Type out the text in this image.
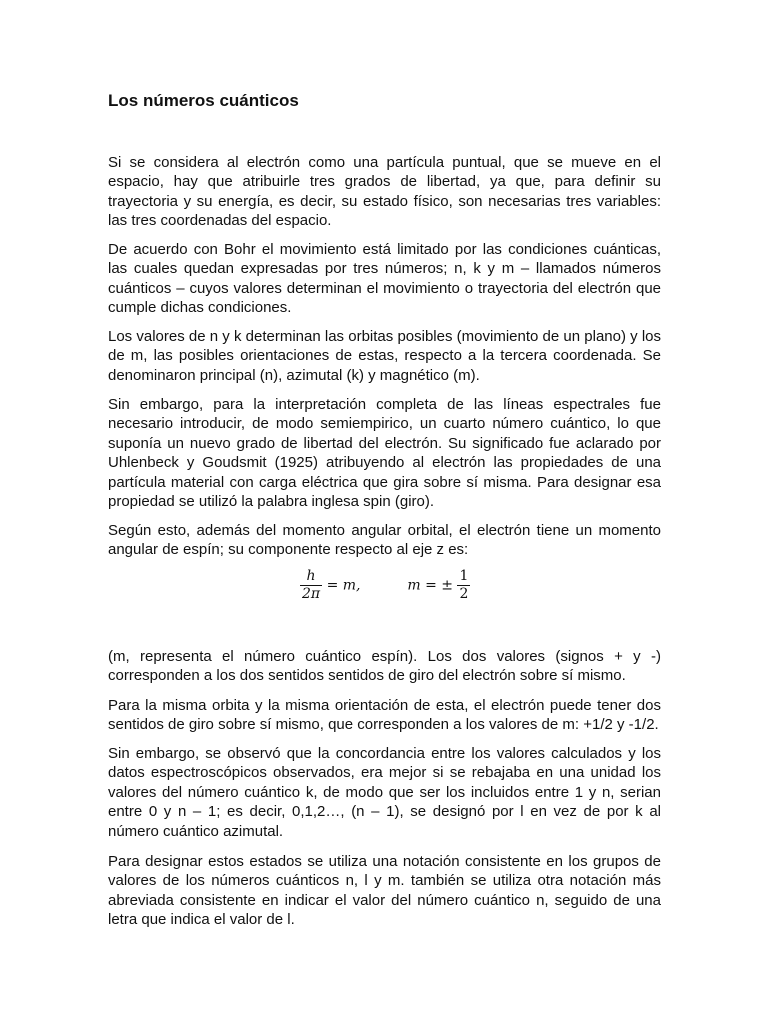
Los números cuánticos

Si se considera al electrón como una partícula puntual, que se mueve en el espacio, hay que atribuirle tres grados de libertad, ya que, para definir su trayectoria y su energía, es decir, su estado físico, son necesarias tres variables: las tres coordenadas del espacio.

De acuerdo con Bohr el movimiento está limitado por las condiciones cuánticas, las cuales quedan expresadas por tres números; n, k y m – llamados números cuánticos – cuyos valores determinan el movimiento o trayectoria del electrón que cumple dichas condiciones.

Los valores de n y k determinan las orbitas posibles (movimiento de un plano) y los de m, las posibles orientaciones de estas, respecto a la tercera coordenada. Se denominaron principal (n), azimutal (k) y magnético (m).

Sin embargo, para la interpretación completa de las líneas espectrales fue necesario introducir, de modo semiempirico, un cuarto número cuántico, lo que suponía un nuevo grado de libertad del electrón. Su significado fue aclarado por Uhlenbeck y Goudsmit (1925) atribuyendo al electrón las propiedades de una partícula material con carga eléctrica que gira sobre sí misma. Para designar esa propiedad se utilizó la palabra inglesa spin (giro).

Según esto, además del momento angular orbital, el electrón tiene un momento angular de espín; su componente respecto al eje z es:

$\frac{h}{2\pi} = m$,	m = ± $\frac{1}{2}$

(m, representa el número cuántico espín). Los dos valores (signos + y -) corresponden a los dos sentidos sentidos de giro del electrón sobre sí mismo.

Para la misma orbita y la misma orientación de esta, el electrón puede tener dos sentidos de giro sobre sí mismo, que corresponden a los valores de m: +1/2 y -1/2.

Sin embargo, se observó que la concordancia entre los valores calculados y los datos espectroscópicos observados, era mejor si se rebajaba en una unidad los valores del número cuántico k, de modo que ser los incluidos entre 1 y n, serian entre 0 y n – 1; es decir, 0,1,2…, (n – 1), se designó por l en vez de por k al número cuántico azimutal.

Para designar estos estados se utiliza una notación consistente en los grupos de valores de los números cuánticos n, l y m. también se utiliza otra notación más abreviada consistente en indicar el valor del número cuántico n, seguido de una letra que indica el valor de l.
